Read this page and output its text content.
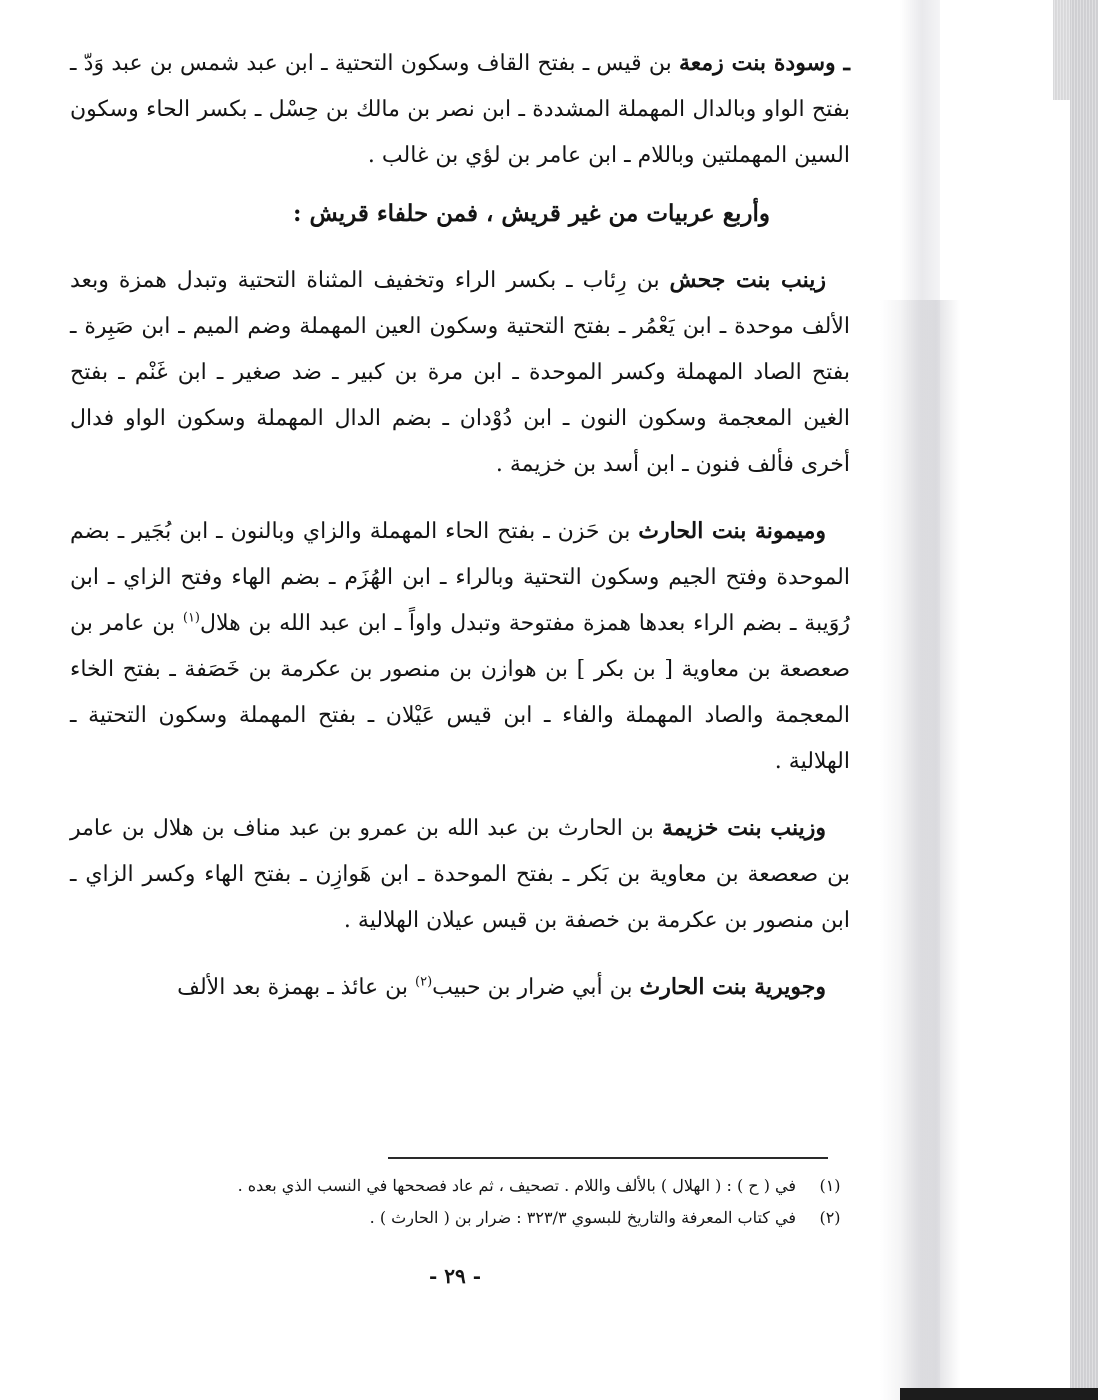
ـ وسودة بنت زمعة بن قيس ـ بفتح القاف وسكون التحتية ـ ابن عبد شمس بن عبد وَدّ ـ بفتح الواو وبالدال المهملة المشددة ـ ابن نصر بن مالك بن حِسْل ـ بكسر الحاء وسكون السين المهملتين وباللام ـ ابن عامر بن لؤي بن غالب .

وأربع عربيات من غير قريش ، فمن حلفاء قريش :

زينب بنت جحش بن رِئاب ـ بكسر الراء وتخفيف المثناة التحتية وتبدل همزة وبعد الألف موحدة ـ ابن يَعْمُر ـ بفتح التحتية وسكون العين المهملة وضم الميم ـ ابن صَبِرة ـ بفتح الصاد المهملة وكسر الموحدة ـ ابن مرة بن كبير ـ ضد صغير ـ ابن غَنْم ـ بفتح الغين المعجمة وسكون النون ـ ابن دُوْدان ـ بضم الدال المهملة وسكون الواو فدال أخرى فألف فنون ـ ابن أسد بن خزيمة .

وميمونة بنت الحارث بن حَزن ـ بفتح الحاء المهملة والزاي وبالنون ـ ابن بُجَير ـ بضم الموحدة وفتح الجيم وسكون التحتية وبالراء ـ ابن الهُزَم ـ بضم الهاء وفتح الزاي ـ ابن رُوَيبة ـ بضم الراء بعدها همزة مفتوحة وتبدل واواً ـ ابن عبد الله بن هلال$^{(١)}$ بن عامر بن صعصعة بن معاوية [ بن بكر ] بن هوازن بن منصور بن عكرمة بن خَصَفة ـ بفتح الخاء المعجمة والصاد المهملة والفاء ـ ابن قيس عَيْلان ـ بفتح المهملة وسكون التحتية ـ الهلالية .

وزينب بنت خزيمة بن الحارث بن عبد الله بن عمرو بن عبد مناف بن هلال بن عامر بن صعصعة بن معاوية بن بَكر ـ بفتح الموحدة ـ ابن هَوازِن ـ بفتح الهاء وكسر الزاي ـ ابن منصور بن عكرمة بن خصفة بن قيس عيلان الهلالية .

وجويرية بنت الحارث بن أبي ضرار بن حبيب$^{(٢)}$ بن عائذ ـ بهمزة بعد الألف

(١)
في ( ح ) : ( الهلال ) بالألف واللام . تصحيف ، ثم عاد فصححها في النسب الذي بعده .
(٢)
في كتاب المعرفة والتاريخ للبسوي ٣٢٣/٣ : ضرار بن ( الحارث ) .
- ٢٩ -
